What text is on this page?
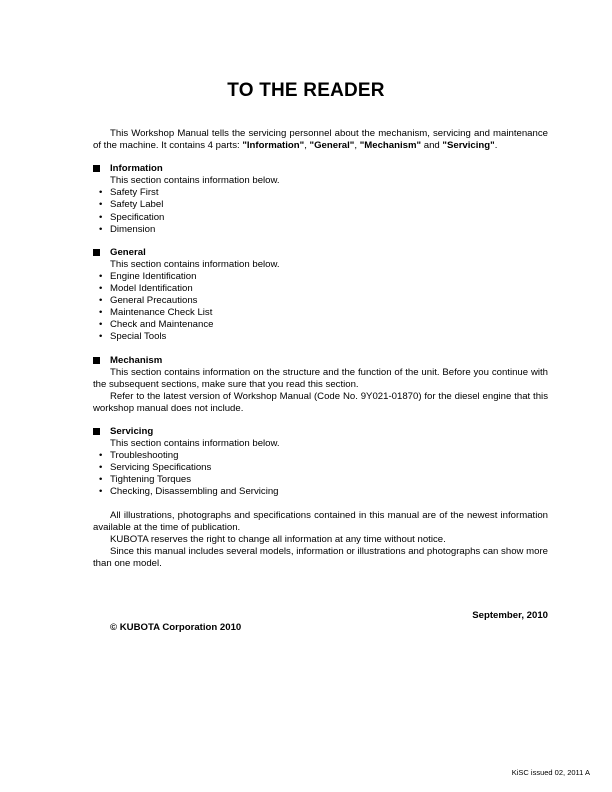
TO THE READER

This Workshop Manual tells the servicing personnel about the mechanism, servicing and maintenance of the machine. It contains 4 parts: "Information", "General", "Mechanism" and "Servicing".

Information
This section contains information below.
• Safety First
• Safety Label
• Specification
• Dimension
General
This section contains information below.
• Engine Identification
• Model Identification
• General Precautions
• Maintenance Check List
• Check and Maintenance
• Special Tools
Mechanism

This section contains information on the structure and the function of the unit. Before you continue with the subsequent sections, make sure that you read this section.

Refer to the latest version of Workshop Manual (Code No. 9Y021-01870) for the diesel engine that this workshop manual does not include.

Servicing
This section contains information below.
• Troubleshooting
• Servicing Specifications
• Tightening Torques
• Checking, Disassembling and Servicing

All illustrations, photographs and specifications contained in this manual are of the newest information available at the time of publication.

KUBOTA reserves the right to change all information at any time without notice.

Since this manual includes several models, information or illustrations and photographs can show more than one model.

September, 2010
© KUBOTA Corporation 2010
KiSC issued 02, 2011 A
